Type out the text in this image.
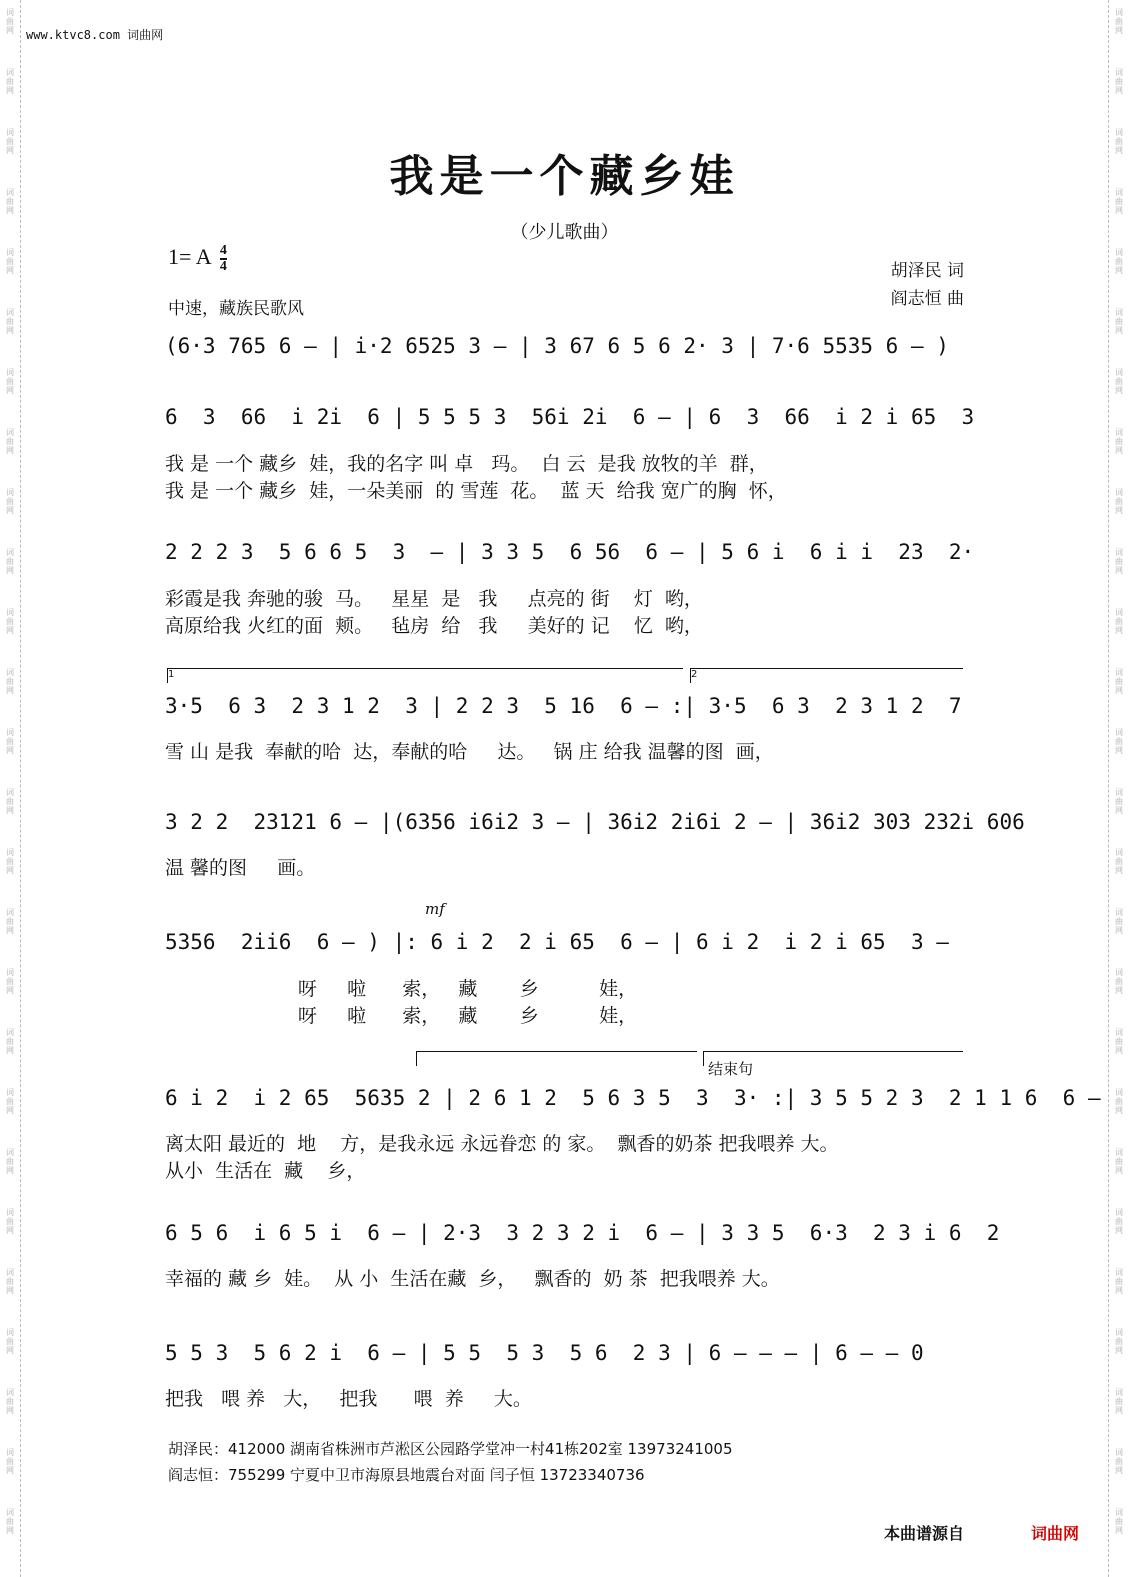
词
曲
网
词
曲
网
词
曲
网
词
曲
网
词
曲
网
词
曲
网
词
曲
网
词
曲
网
词
曲
网
词
曲
网
词
曲
网
词
曲
网
词
曲
网
词
曲
网
词
曲
网
词
曲
网
词
曲
网
词
曲
网
词
曲
网
词
曲
网
词
曲
网
词
曲
网
词
曲
网
词
曲
网
词
曲
网
词
曲
网
词
曲
网
词
曲
网
词
曲
网
词
曲
网
词
曲
网
词
曲
网
词
曲
网
词
曲
网
词
曲
网
词
曲
网
词
曲
网
词
曲
网
词
曲
网
词
曲
网
词
曲
网
词
曲
网
词
曲
网
词
曲
网
词
曲
网
词
曲
网
词
曲
网
词
曲
网
词
曲
网
词
曲
网
词
曲
网
词
曲
网
www.ktvc8.com 词曲网
我是一个藏乡娃
（少儿歌曲）
1= A $\frac{4}{4}$
中速，藏族民歌风
胡泽民 词
阎志恒 曲
(6·3 765 6 — | i·2 6525 3 — | 3 67 6 5 6 2· 3 | 7·6 5535 6 — )
6  3  66  i 2i  6 | 5 5 5 3  56i 2i  6 — | 6  3  66  i 2 i 65  3
我 是 一个 藏乡  娃，我的名字 叫 卓   玛。  白 云  是我 放牧的羊  群，
我 是 一个 藏乡  娃，一朵美丽  的 雪莲  花。  蓝 天  给我 宽广的胸  怀，
2 2 2 3  5 6 6 5  3  — | 3 3 5  6 56  6 — | 5 6 i  6 i i  23  2·
彩霞是我 奔驰的骏  马。   星星  是   我     点亮的 街    灯  哟，
高原给我 火红的面  颊。   毡房  给   我     美好的 记    忆  哟，
1	2
3·5  6 3  2 3 1 2  3 | 2 2 3  5 16  6 — :| 3·5  6 3  2 3 1 2  7
雪 山 是我  奉献的哈  达，奉献的哈     达。   锅 庄 给我 温馨的图  画，
3 2 2  23121 6 — |(6356 i6i2 3 — | 36i2 2i6i 2 — | 36i2 303 232i 606
温 馨的图     画。
mf
5356  2ii6  6 — ) |: 6 i 2  2 i 65  6 — | 6 i 2  i 2 i 65  3 —
呀     啦      索，   藏       乡          娃，
呀     啦      索，   藏       乡          娃，
结束句
6 i 2  i 2 65  5635 2 | 2 6 1 2  5 6 3 5  3  3· :| 3 5 5 2 3  2 1 1 6  6 —
离太阳 最近的  地    方，是我永远 永远眷恋 的 家。  飘香的奶茶 把我喂养 大。
从小  生活在  藏    乡，
6 5 6  i 6 5 i  6 — | 2·3  3 2 3 2 i  6 — | 3 3 5  6·3  2 3 i 6  2
幸福的 藏 乡  娃。  从 小  生活在藏  乡，   飘香的  奶 茶  把我喂养 大。
5 5 3  5 6 2 i  6 — | 5 5  5 3  5 6  2 3 | 6 — — — | 6 — — 0
把我   喂 养   大，   把我      喂  养     大。
胡泽民：412000 湖南省株洲市芦淞区公园路学堂冲一村41栋202室 13973241005
阎志恒：755299 宁夏中卫市海原县地震台对面 闫子恒 13723340736
本曲谱源自	词曲网
